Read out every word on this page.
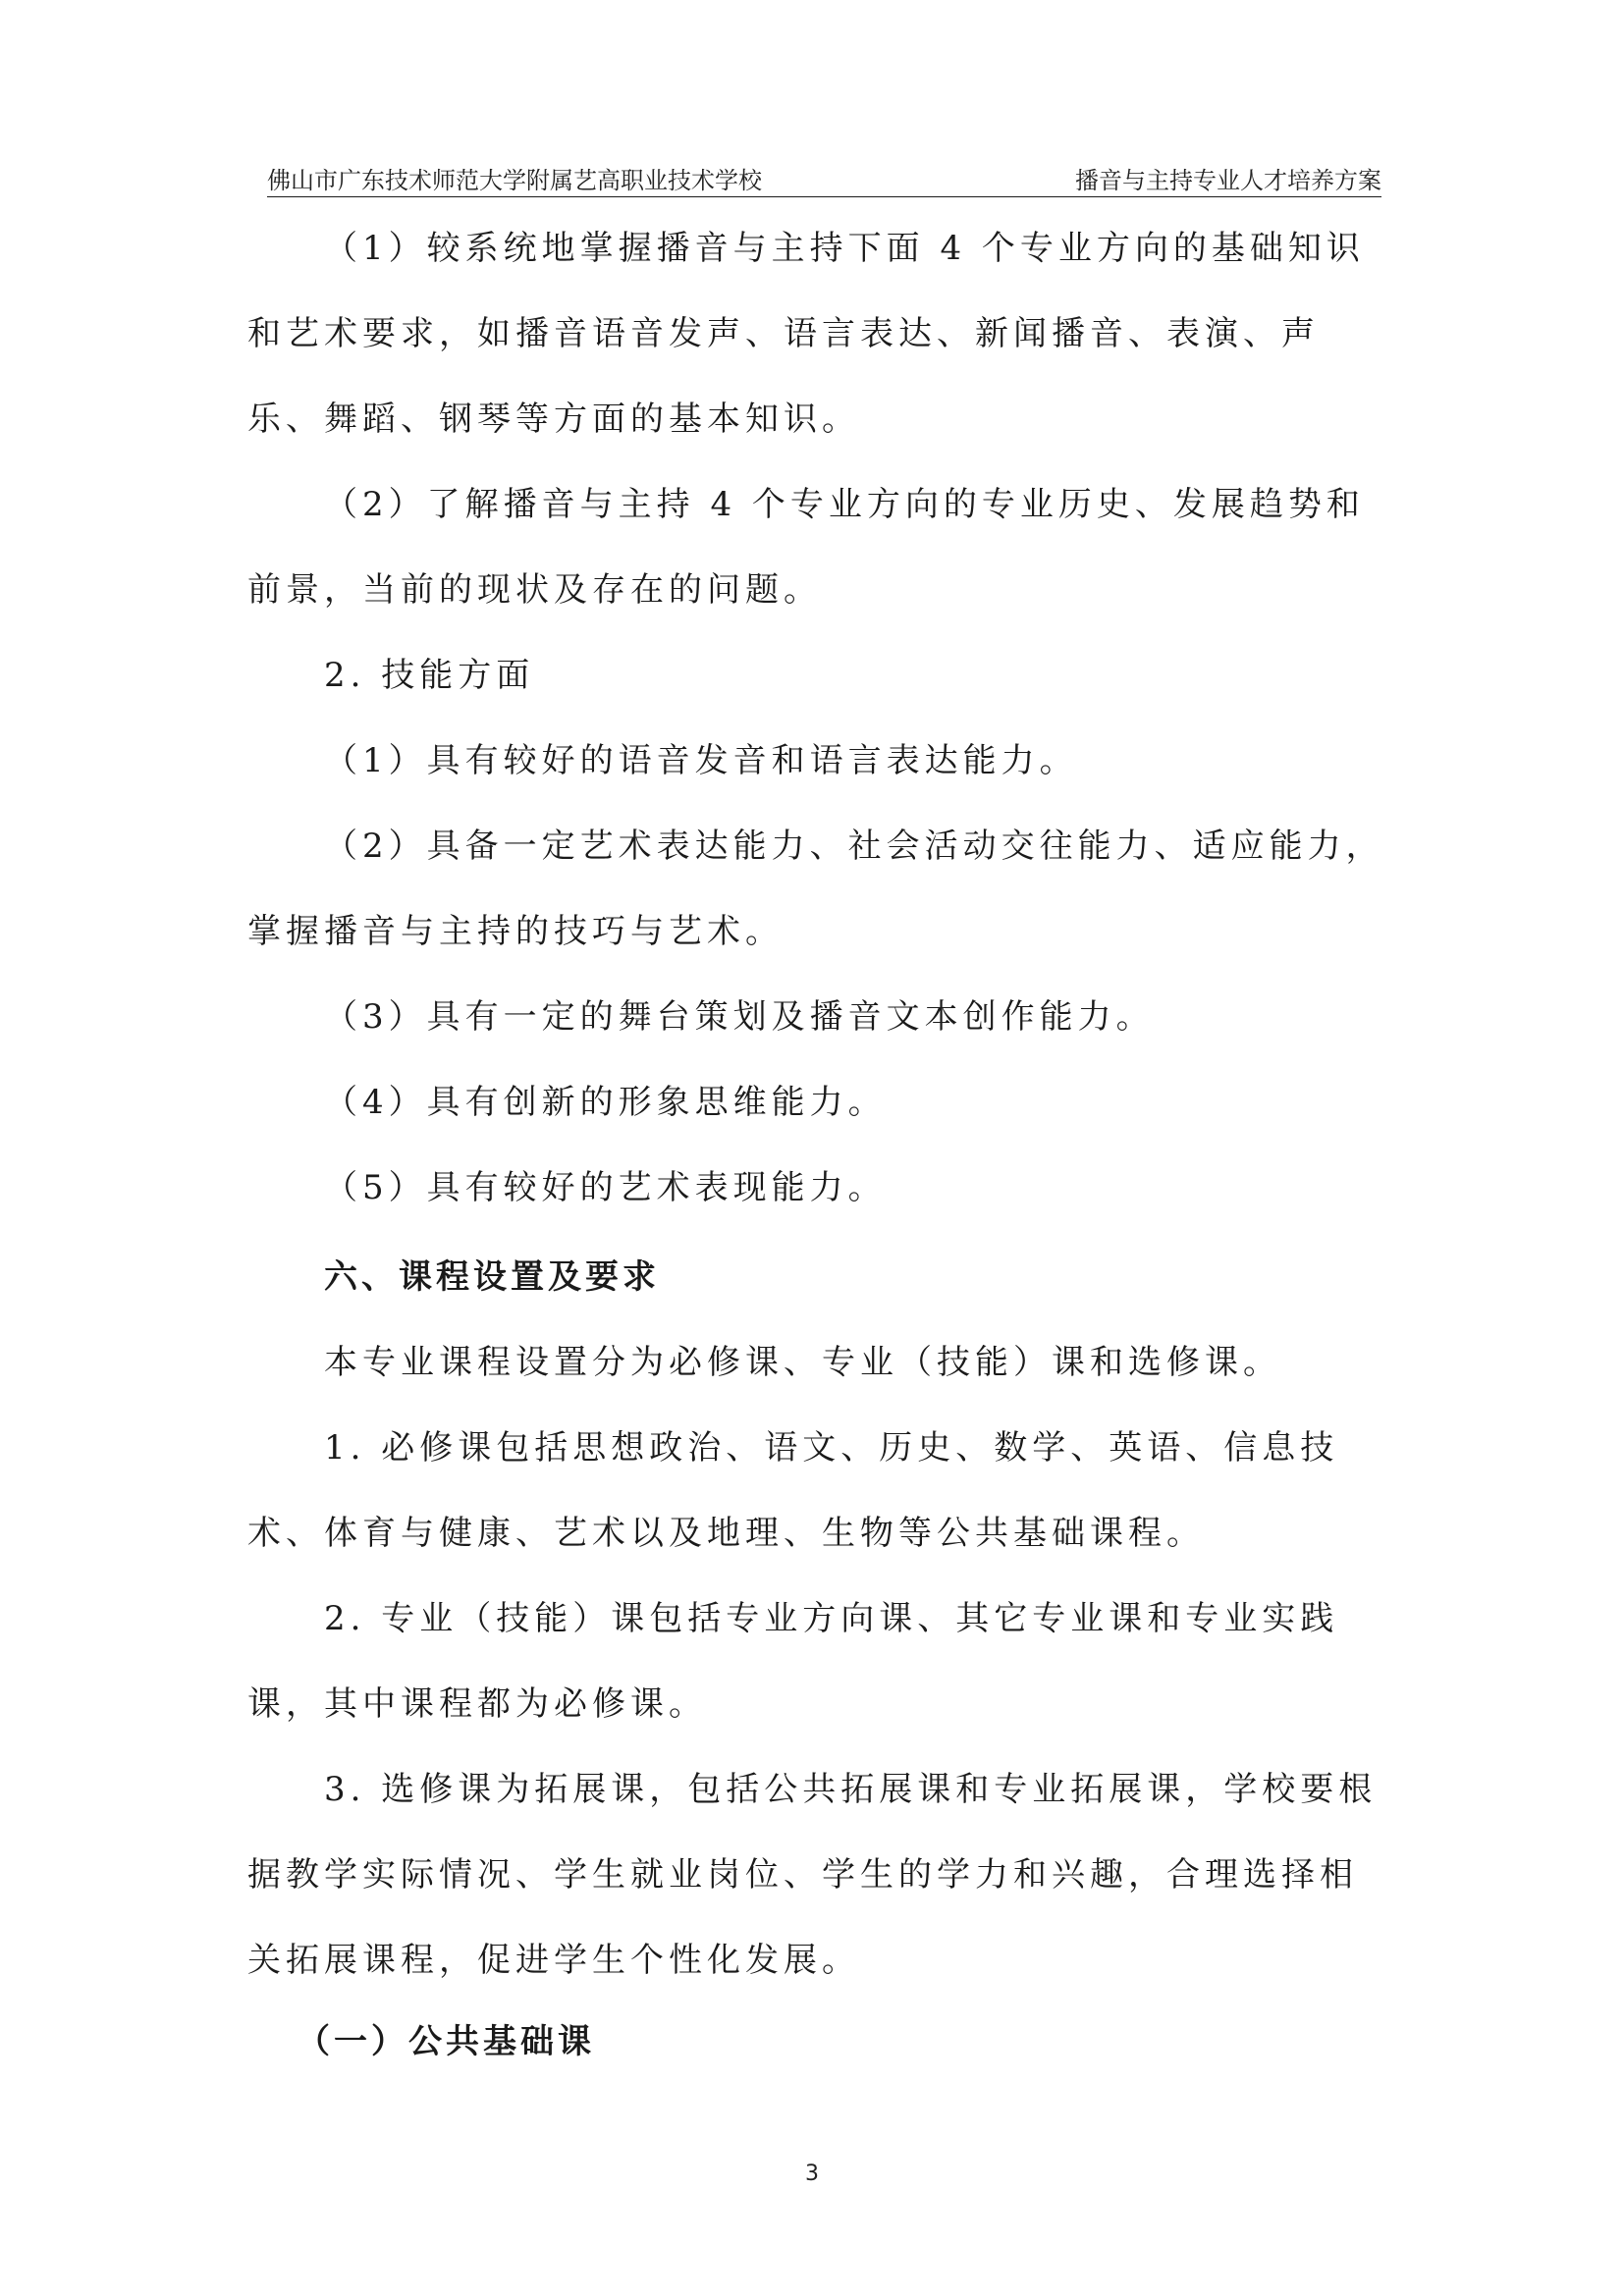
佛山市广东技术师范大学附属艺高职业技术学校	播音与主持专业人才培养方案

（1）较系统地掌握播音与主持下面 4 个专业方向的基础知识和艺术要求，如播音语音发声、语言表达、新闻播音、表演、声乐、舞蹈、钢琴等方面的基本知识。

（2）了解播音与主持 4 个专业方向的专业历史、发展趋势和前景，当前的现状及存在的问题。

2. 技能方面

（1）具有较好的语音发音和语言表达能力。

（2）具备一定艺术表达能力、社会活动交往能力、适应能力，掌握播音与主持的技巧与艺术。

（3）具有一定的舞台策划及播音文本创作能力。

（4）具有创新的形象思维能力。

（5）具有较好的艺术表现能力。

六、课程设置及要求

本专业课程设置分为必修课、专业（技能）课和选修课。

1. 必修课包括思想政治、语文、历史、数学、英语、信息技术、体育与健康、艺术以及地理、生物等公共基础课程。

2. 专业（技能）课包括专业方向课、其它专业课和专业实践课，其中课程都为必修课。

3. 选修课为拓展课，包括公共拓展课和专业拓展课，学校要根据教学实际情况、学生就业岗位、学生的学力和兴趣，合理选择相关拓展课程，促进学生个性化发展。

（一）公共基础课

3
